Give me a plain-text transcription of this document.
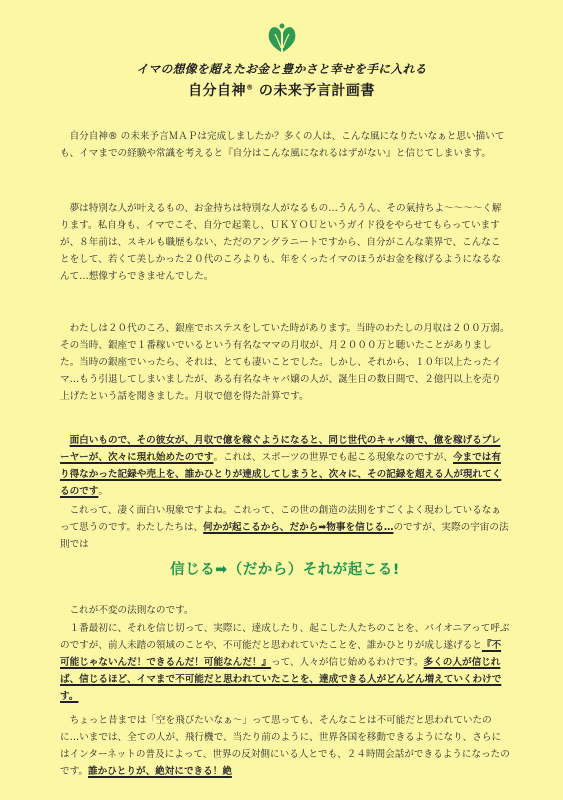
イマの想像を超えたお金と豊かさと幸せを手に入れる
自分自神® の未来予言計画書

自分自神® の未来予言ＭＡＰは完成しましたか？多くの人は、こんな風になりたいなぁと思い描いても、イマまでの経験や常識を考えると『自分はこんな風になれるはずがない』と信じてしまいます。

夢は特別な人が叶えるもの、お金持ちは特別な人がなるもの…うんうん、その氣持ちよ～～～～く解ります。私自身も、イマでこそ、自分で起業し、ＵＫＹＯＵというガイド役をやらせてもらっていますが、８年前は、スキルも職歴もない、ただのアングラニートですから、自分がこんな業界で、こんなことをして、若くて美しかった２０代のころよりも、年をくったイマのほうがお金を稼げるようになるなんて…想像すらできませんでした。

わたしは２０代のころ、銀座でホステスをしていた時があります。当時のわたしの月収は２００万弱。その当時、銀座で１番稼いでいるという有名なママの月収が、月２０００万と聴いたことがありました。当時の銀座でいったら、それは、とても凄いことでした。しかし、それから、１０年以上たったイマ…もう引退してしまいましたが、ある有名なキャバ嬢の人が、誕生日の数日間で、２億円以上を売り上げたという話を聞きました。月収で億を得た計算です。

面白いもので、その彼女が、月収で億を稼ぐようになると、同じ世代のキャバ嬢で、億を稼げるプレーヤーが、次々に現れ始めたのです。これは、スポーツの世界でも起こる現象なのですが、今までは有り得なかった記録や売上を、誰かひとりが達成してしまうと、次々に、その記録を超える人が現れてくるのです。

これって、凄く面白い現象ですよね。これって、この世の創造の法則をすごくよく現わしているなぁって思うのです。わたしたちは、何かが起こるから、だから➡物事を信じる…のですが、実際の宇宙の法則では

信じる➡（だから）それが起こる!

これが不変の法則なのです。

１番最初に、それを信じ切って、実際に、達成したり、起こした人たちのことを、パイオニアって呼ぶのですが、前人未踏の領域のことや、不可能だと思われていたことを、誰かひとりが成し遂げると『不可能じゃないんだ！できるんだ！可能なんだ！』って、人々が信じ始めるわけです。多くの人が信じれば、信じるほど、イマまで不可能だと思われていたことを、達成できる人がどんどん増えていくわけです。

ちょっと昔までは「空を飛びたいなぁ～」って思っても、そんなことは不可能だと思われていたのに…いまでは、全ての人が、飛行機で、当たり前のように、世界各国を移動できるようになり、さらにはインターネットの普及によって、世界の反対側にいる人とでも、２４時間会話ができるようになったのです。誰かひとりが、絶対にできる！絶
